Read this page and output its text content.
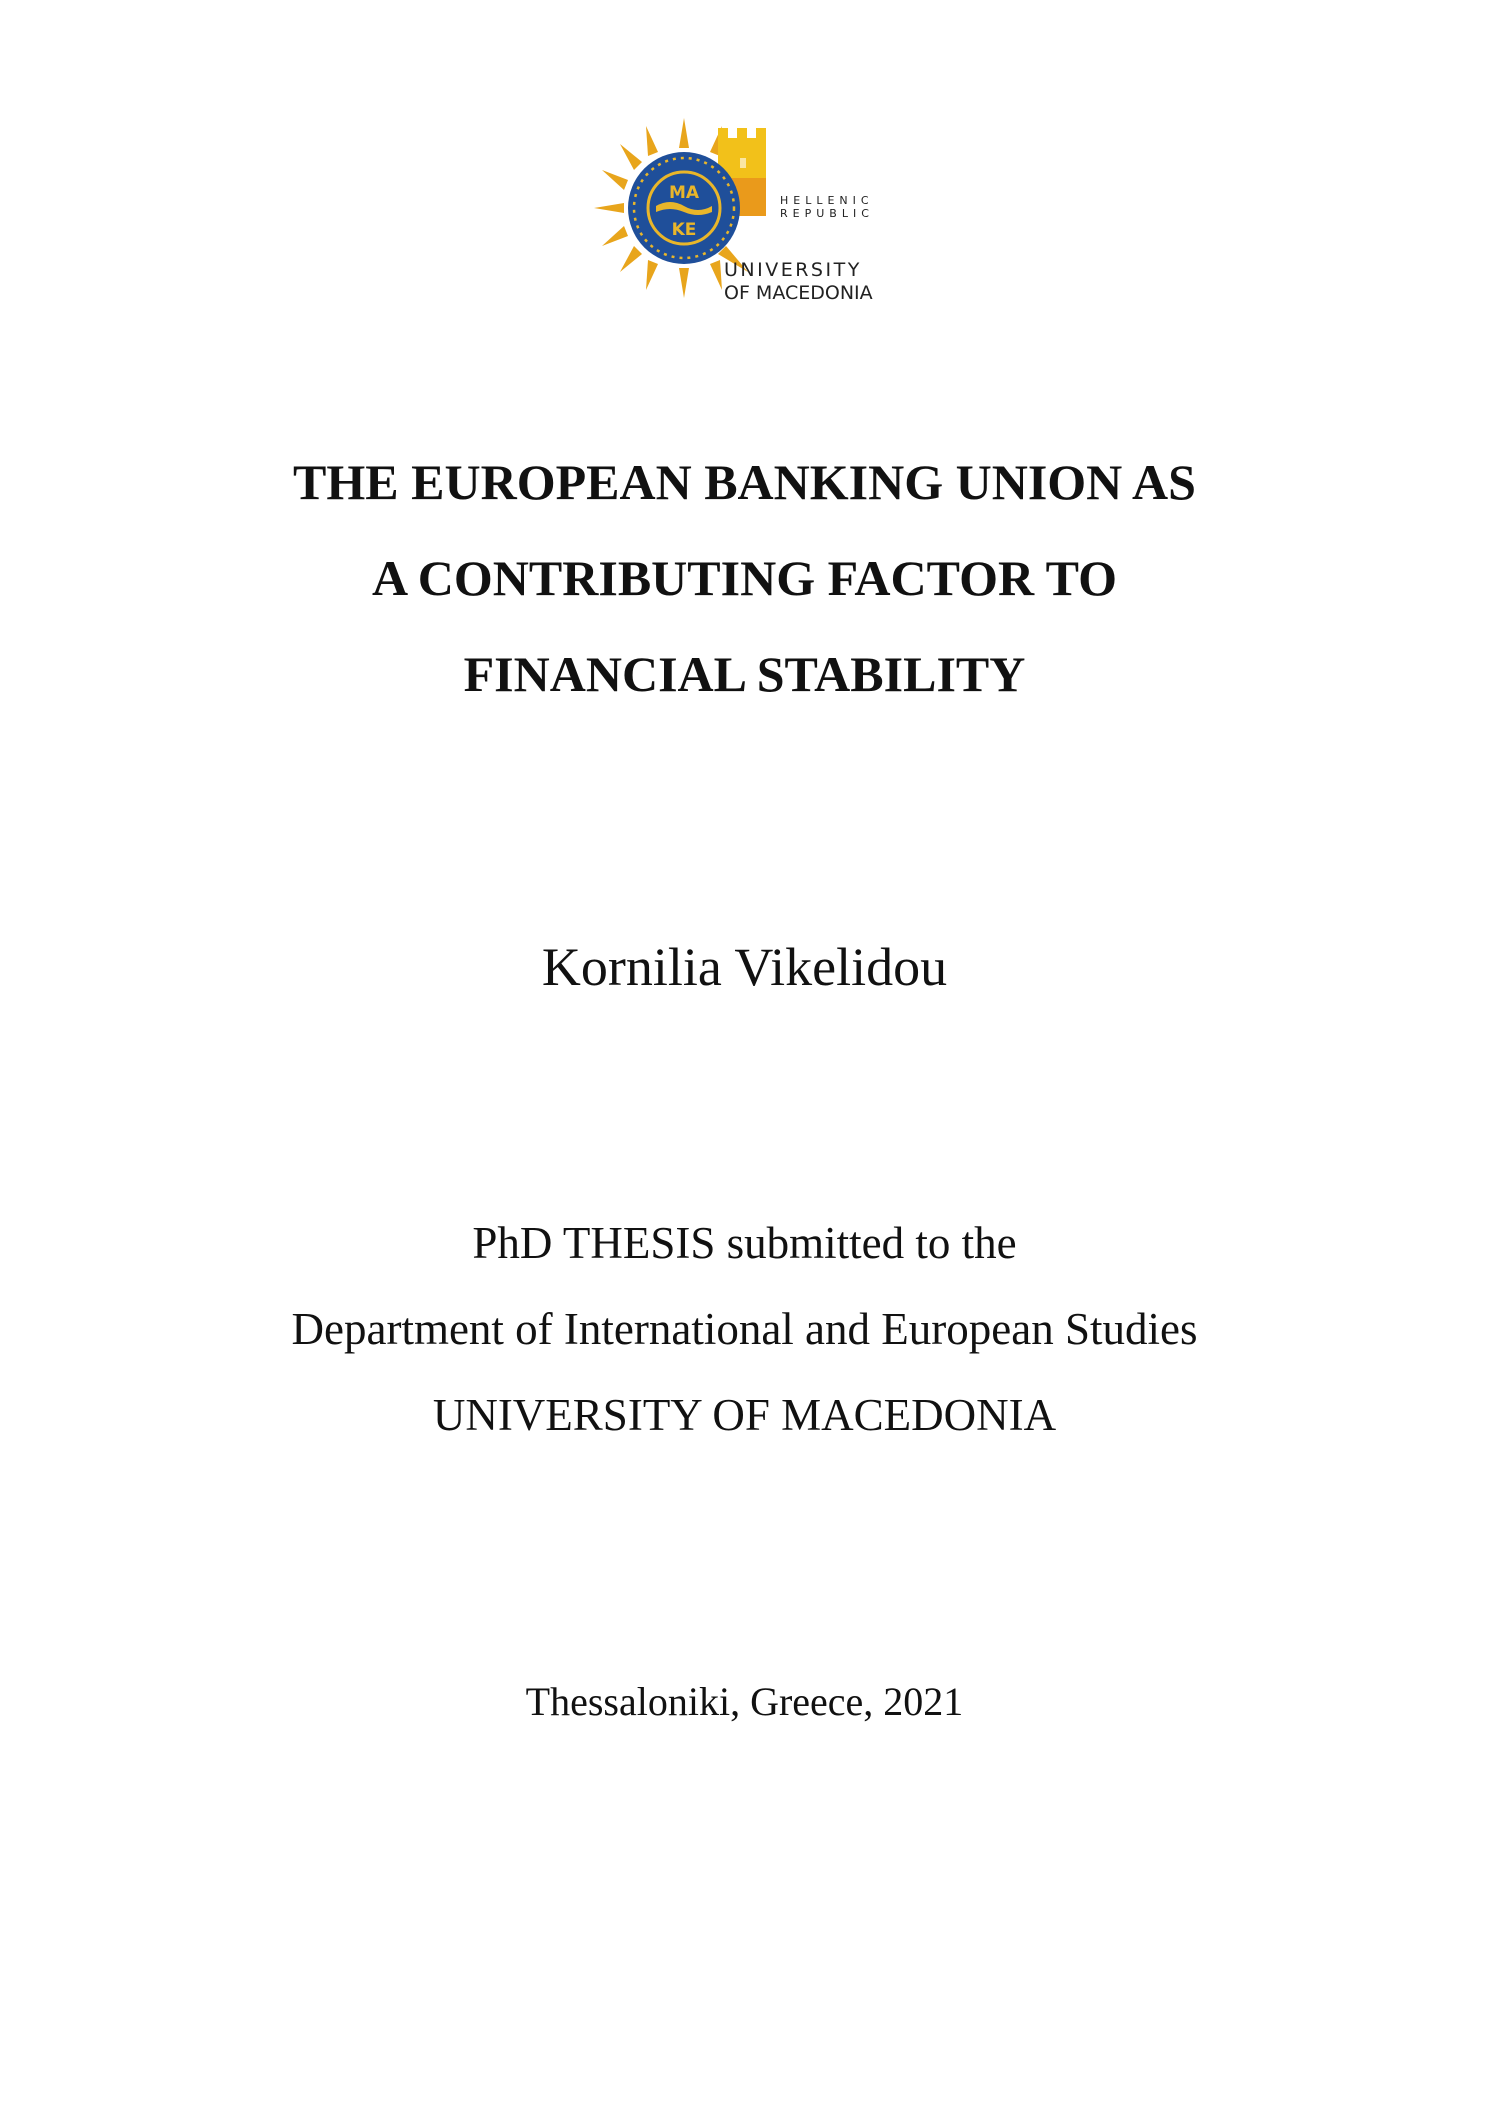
ΜΑ
ΚΕ
HELLENIC
REPUBLIC
UNIVERSITY
OF MACEDONIA
THE EUROPEAN BANKING UNION AS
A CONTRIBUTING FACTOR TO
FINANCIAL STABILITY
Kornilia Vikelidou
PhD THESIS submitted to the
Department of International and European Studies
UNIVERSITY OF MACEDONIA
Thessaloniki, Greece, 2021
